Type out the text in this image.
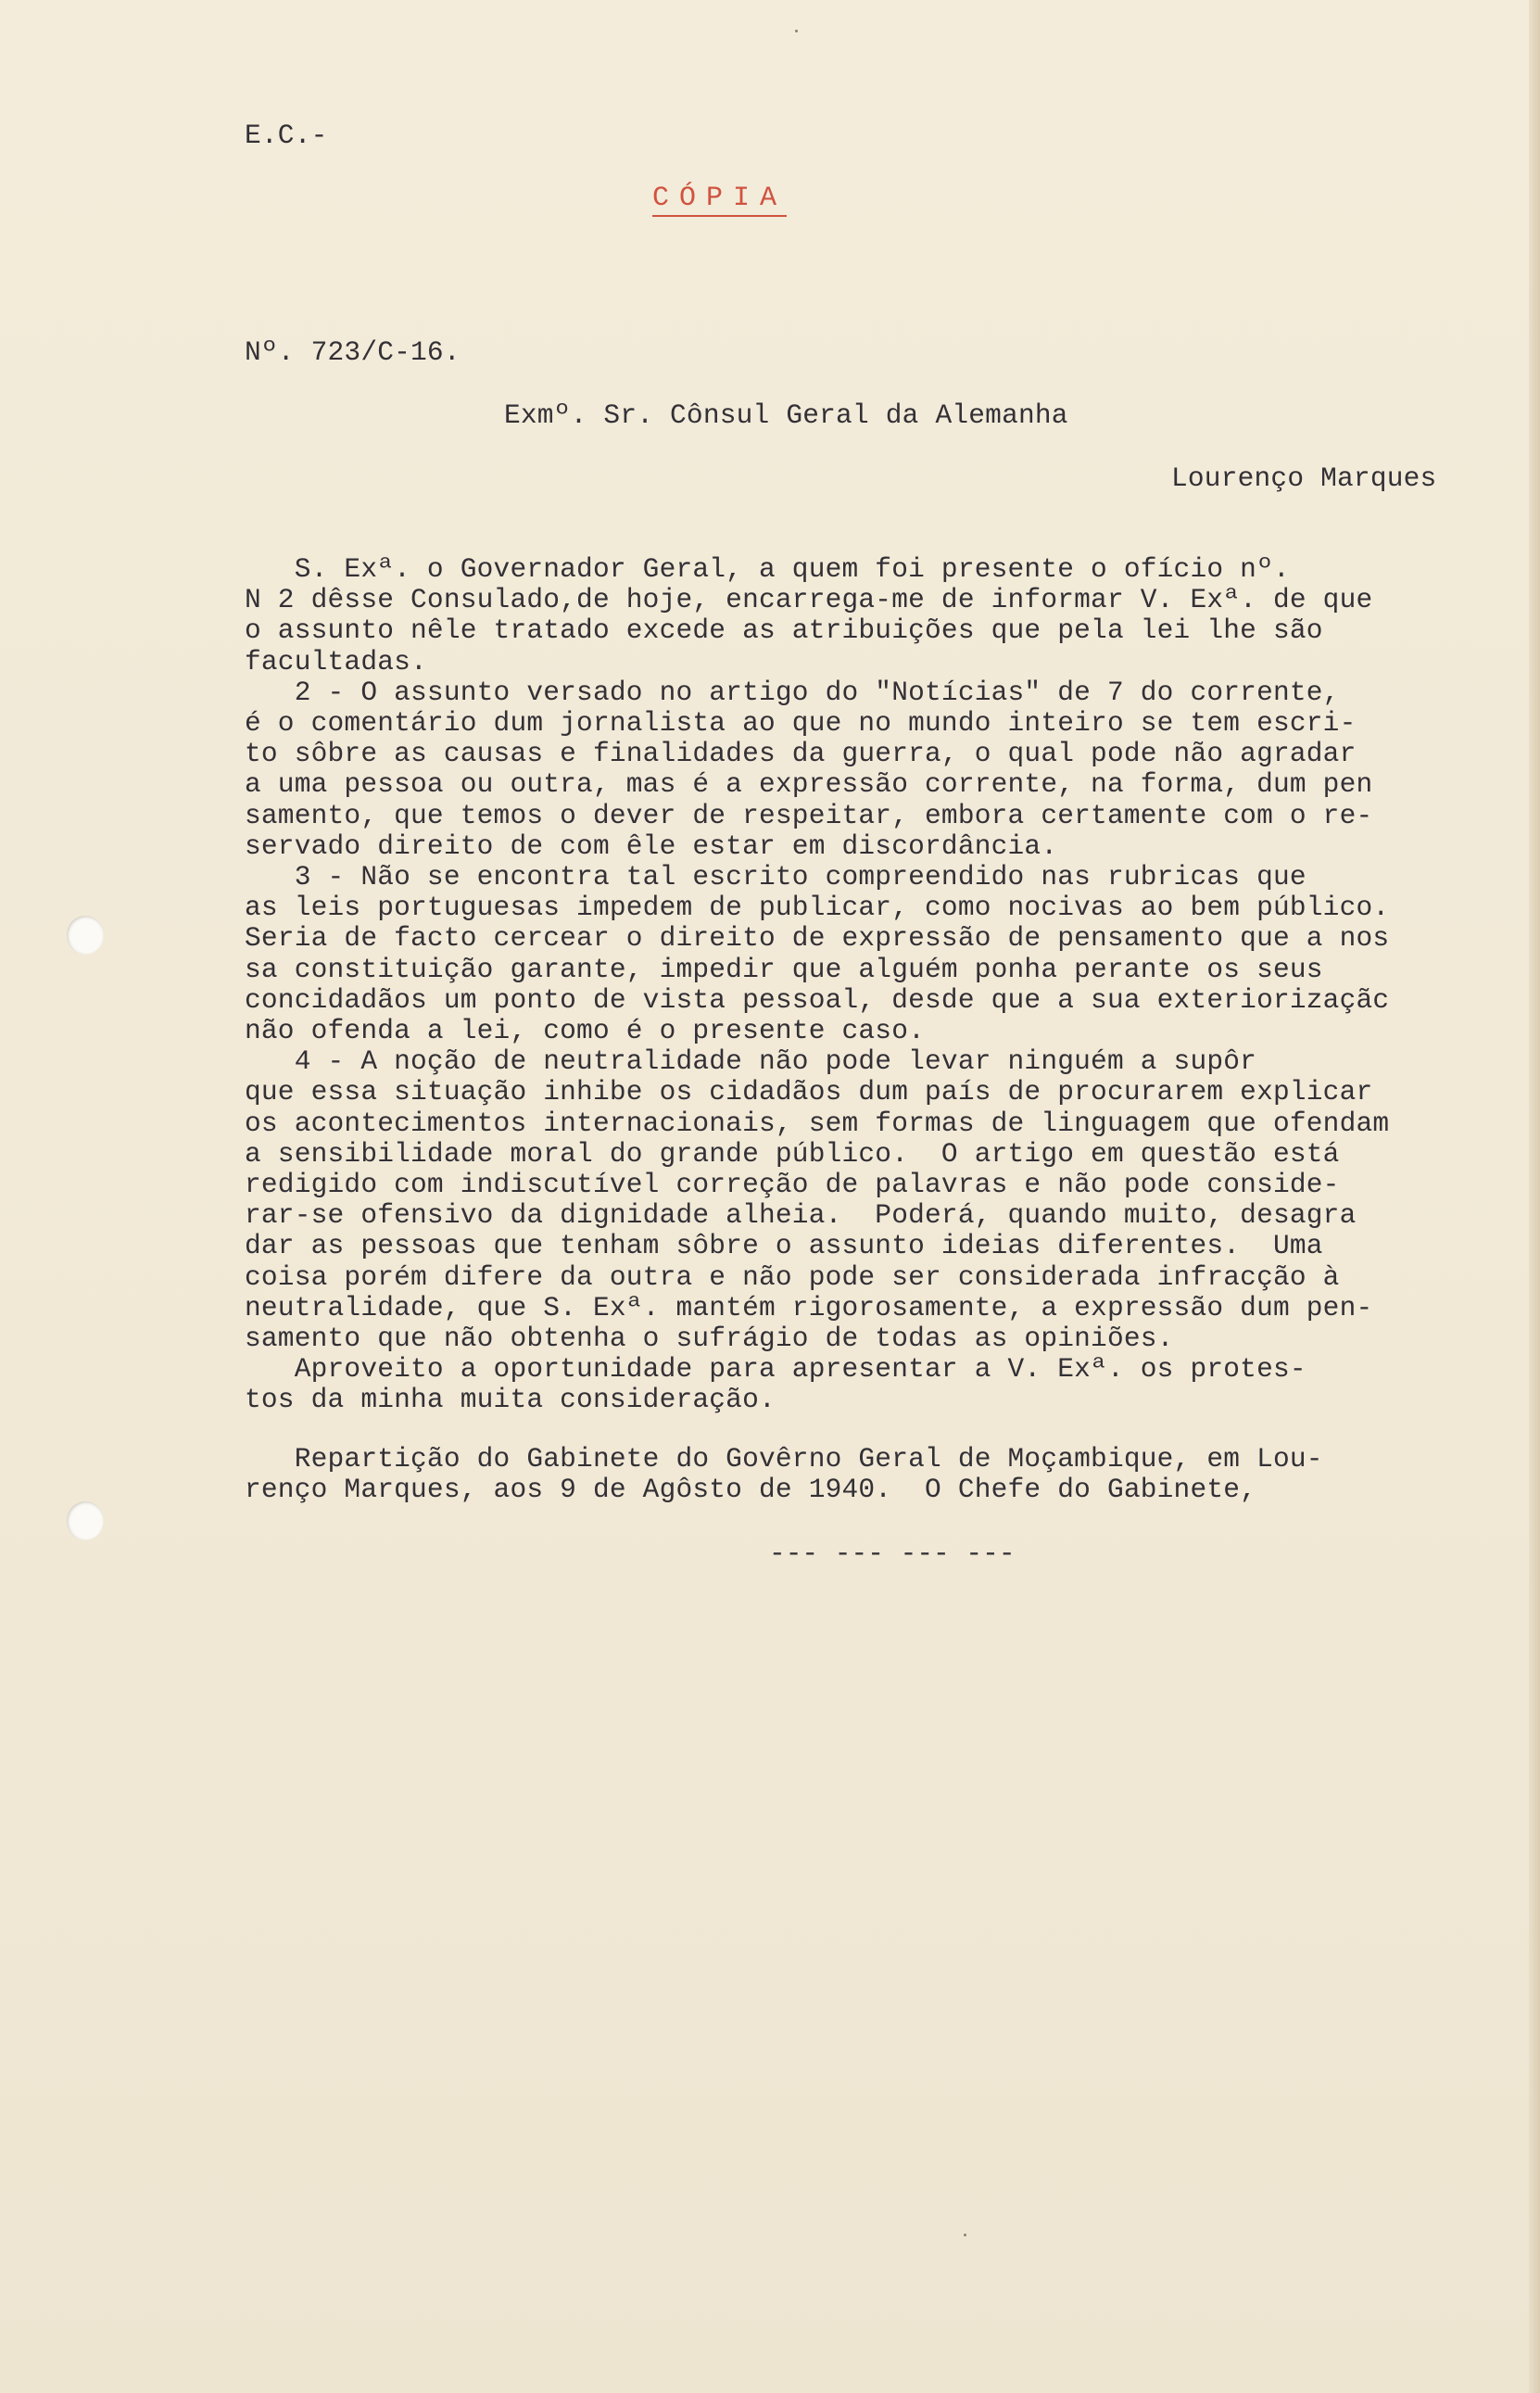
E.C.-
CÓPIA
Nº. 723/C-16.
Exmº. Sr. Cônsul Geral da Alemanha
Lourenço Marques
S. Exª. o Governador Geral, a quem foi presente o ofício nº.
N 2 dêsse Consulado,de hoje, encarrega-me de informar V. Exª. de que
o assunto nêle tratado excede as atribuições que pela lei lhe são
facultadas.
2 - O assunto versado no artigo do "Notícias" de 7 do corrente,
é o comentário dum jornalista ao que no mundo inteiro se tem escri-
to sôbre as causas e finalidades da guerra, o qual pode não agradar
a uma pessoa ou outra, mas é a expressão corrente, na forma, dum pen
samento, que temos o dever de respeitar, embora certamente com o re-
servado direito de com êle estar em discordância.
3 - Não se encontra tal escrito compreendido nas rubricas que
as leis portuguesas impedem de publicar, como nocivas ao bem público.
Seria de facto cercear o direito de expressão de pensamento que a nos
sa constituição garante, impedir que alguém ponha perante os seus
concidadãos um ponto de vista pessoal, desde que a sua exteriorizaçãc
não ofenda a lei, como é o presente caso.
4 - A noção de neutralidade não pode levar ninguém a supôr
que essa situação inhibe os cidadãos dum país de procurarem explicar
os acontecimentos internacionais, sem formas de linguagem que ofendam
a sensibilidade moral do grande público.  O artigo em questão está
redigido com indiscutível correção de palavras e não pode conside-
rar-se ofensivo da dignidade alheia.  Poderá, quando muito, desagra
dar as pessoas que tenham sôbre o assunto ideias diferentes.  Uma
coisa porém difere da outra e não pode ser considerada infracção à
neutralidade, que S. Exª. mantém rigorosamente, a expressão dum pen-
samento que não obtenha o sufrágio de todas as opiniões.
Aproveito a oportunidade para apresentar a V. Exª. os protes-
tos da minha muita consideração.
Repartição do Gabinete do Govêrno Geral de Moçambique, em Lou-
renço Marques, aos 9 de Agôsto de 1940.  O Chefe do Gabinete,
--- --- --- ---
